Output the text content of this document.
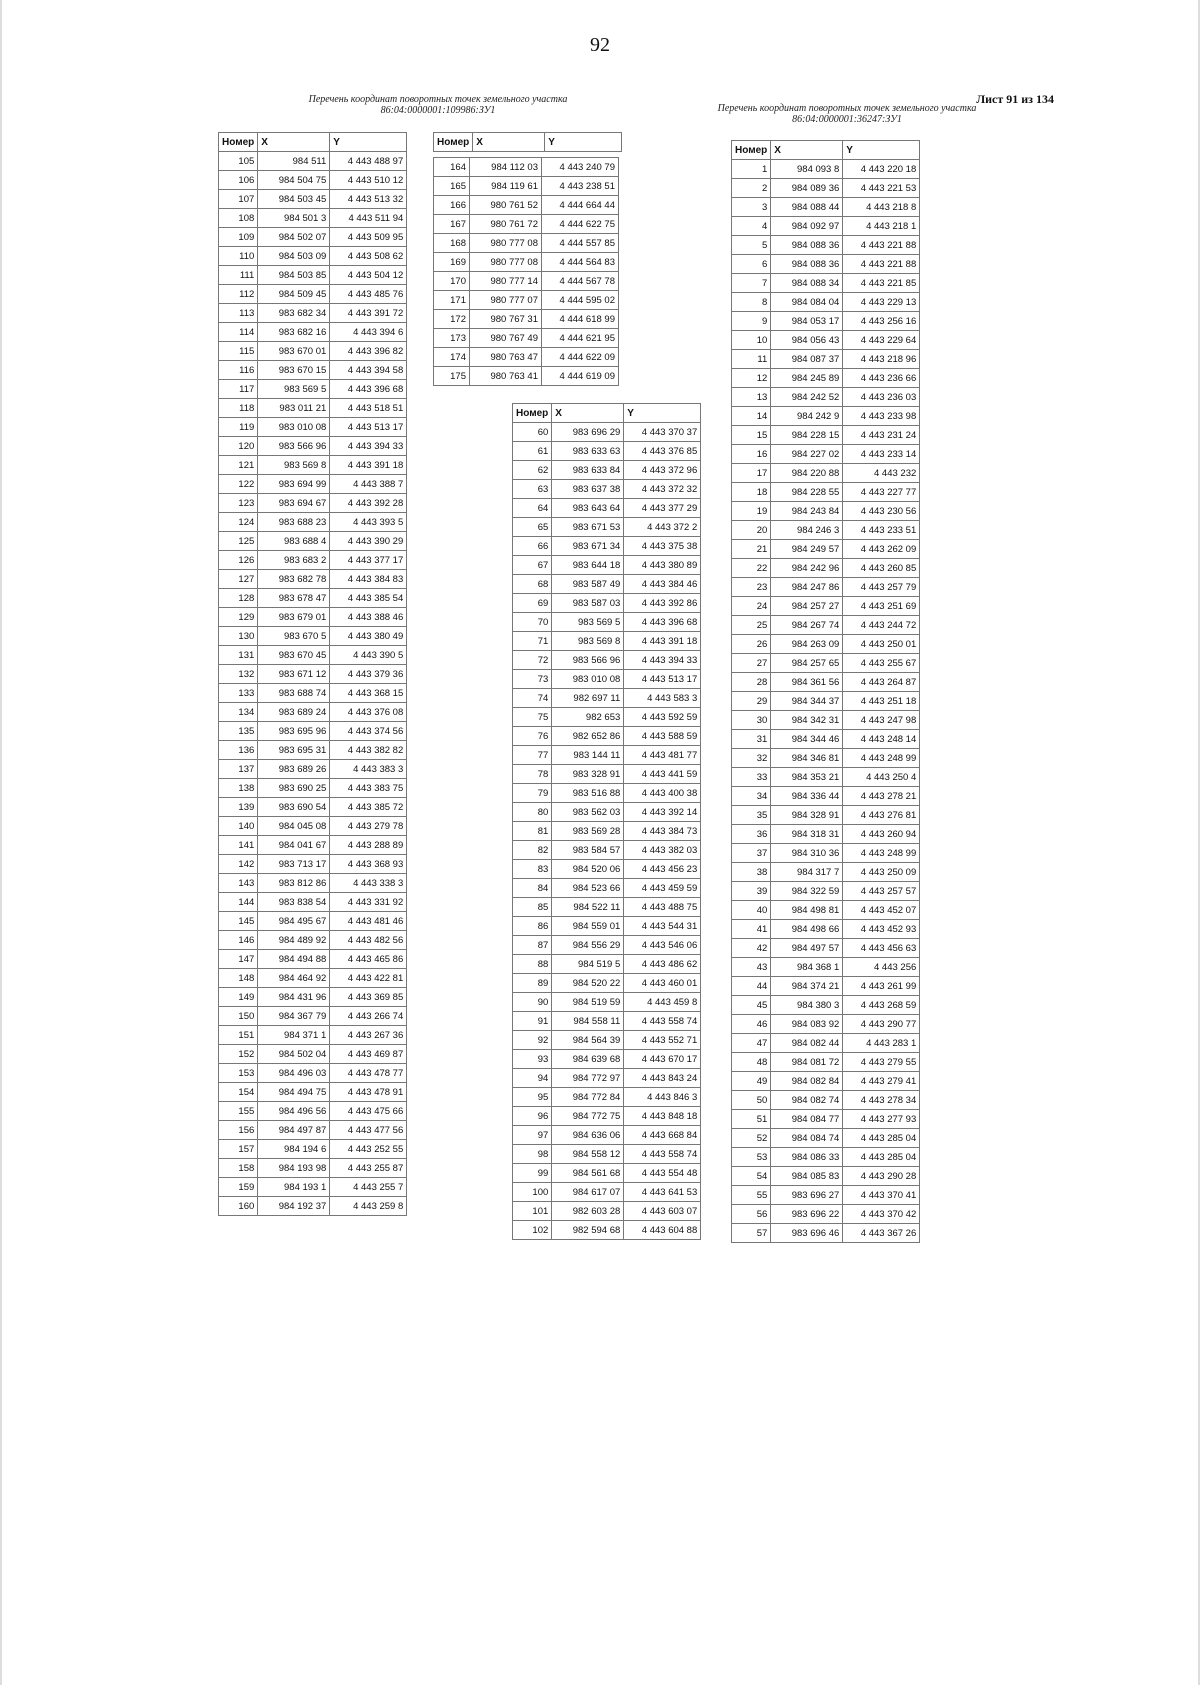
92
Лист 91 из 134
Перечень координат поворотных точек земельного участка 86:04:0000001:109986:ЗУ1	Перечень координат поворотных точек земельного участка 86:04:0000001:36247:ЗУ1
Номер	X	Y
105	984 511	4 443 488 97
106	984 504 75	4 443 510 12
107	984 503 45	4 443 513 32
108	984 501 3	4 443 511 94
109	984 502 07	4 443 509 95
110	984 503 09	4 443 508 62
111	984 503 85	4 443 504 12
112	984 509 45	4 443 485 76
113	983 682 34	4 443 391 72
114	983 682 16	4 443 394 6
115	983 670 01	4 443 396 82
116	983 670 15	4 443 394 58
117	983 569 5	4 443 396 68
118	983 011 21	4 443 518 51
119	983 010 08	4 443 513 17
120	983 566 96	4 443 394 33
121	983 569 8	4 443 391 18
122	983 694 99	4 443 388 7
123	983 694 67	4 443 392 28
124	983 688 23	4 443 393 5
125	983 688 4	4 443 390 29
126	983 683 2	4 443 377 17
127	983 682 78	4 443 384 83
128	983 678 47	4 443 385 54
129	983 679 01	4 443 388 46
130	983 670 5	4 443 380 49
131	983 670 45	4 443 390 5
132	983 671 12	4 443 379 36
133	983 688 74	4 443 368 15
134	983 689 24	4 443 376 08
135	983 695 96	4 443 374 56
136	983 695 31	4 443 382 82
137	983 689 26	4 443 383 3
138	983 690 25	4 443 383 75
139	983 690 54	4 443 385 72
140	984 045 08	4 443 279 78
141	984 041 67	4 443 288 89
142	983 713 17	4 443 368 93
143	983 812 86	4 443 338 3
144	983 838 54	4 443 331 92
145	984 495 67	4 443 481 46
146	984 489 92	4 443 482 56
147	984 494 88	4 443 465 86
148	984 464 92	4 443 422 81
149	984 431 96	4 443 369 85
150	984 367 79	4 443 266 74
151	984 371 1	4 443 267 36
152	984 502 04	4 443 469 87
153	984 496 03	4 443 478 77
154	984 494 75	4 443 478 91
155	984 496 56	4 443 475 66
156	984 497 87	4 443 477 56
157	984 194 6	4 443 252 55
158	984 193 98	4 443 255 87
159	984 193 1	4 443 255 7
160	984 192 37	4 443 259 8
164	984 112 03	4 443 240 79
165	984 119 61	4 443 238 51
166	980 761 52	4 444 664 44
167	980 761 72	4 444 622 75
168	980 777 08	4 444 557 85
169	980 777 08	4 444 564 83
170	980 777 14	4 444 567 78
171	980 777 07	4 444 595 02
172	980 767 31	4 444 618 99
173	980 767 49	4 444 621 95
174	980 763 47	4 444 622 09
175	980 763 41	4 444 619 09
Номер	X	Y
60	983 696 29	4 443 370 37
61	983 633 63	4 443 376 85
62	983 633 84	4 443 372 96
63	983 637 38	4 443 372 32
64	983 643 64	4 443 377 29
65	983 671 53	4 443 372 2
66	983 671 34	4 443 375 38
67	983 644 18	4 443 380 89
68	983 587 49	4 443 384 46
69	983 587 03	4 443 392 86
70	983 569 5	4 443 396 68
71	983 569 8	4 443 391 18
72	983 566 96	4 443 394 33
73	983 010 08	4 443 513 17
74	982 697 11	4 443 583 3
75	982 653	4 443 592 59
76	982 652 86	4 443 588 59
77	983 144 11	4 443 481 77
78	983 328 91	4 443 441 59
79	983 516 88	4 443 400 38
80	983 562 03	4 443 392 14
81	983 569 28	4 443 384 73
82	983 584 57	4 443 382 03
83	984 520 06	4 443 456 23
84	984 523 66	4 443 459 59
85	984 522 11	4 443 488 75
86	984 559 01	4 443 544 31
87	984 556 29	4 443 546 06
88	984 519 5	4 443 486 62
89	984 520 22	4 443 460 01
90	984 519 59	4 443 459 8
91	984 558 11	4 443 558 74
92	984 564 39	4 443 552 71
93	984 639 68	4 443 670 17
94	984 772 97	4 443 843 24
95	984 772 84	4 443 846 3
96	984 772 75	4 443 848 18
97	984 636 06	4 443 668 84
98	984 558 12	4 443 558 74
99	984 561 68	4 443 554 48
100	984 617 07	4 443 641 53
101	982 603 28	4 443 603 07
102	982 594 68	4 443 604 88
Номер	X	Y
1	984 093 8	4 443 220 18
2	984 089 36	4 443 221 53
3	984 088 44	4 443 218 8
4	984 092 97	4 443 218 1
5	984 088 36	4 443 221 88
6	984 088 36	4 443 221 88
7	984 088 34	4 443 221 85
8	984 084 04	4 443 229 13
9	984 053 17	4 443 256 16
10	984 056 43	4 443 229 64
11	984 087 37	4 443 218 96
12	984 245 89	4 443 236 66
13	984 242 52	4 443 236 03
14	984 242 9	4 443 233 98
15	984 228 15	4 443 231 24
16	984 227 02	4 443 233 14
17	984 220 88	4 443 232
18	984 228 55	4 443 227 77
19	984 243 84	4 443 230 56
20	984 246 3	4 443 233 51
21	984 249 57	4 443 262 09
22	984 242 96	4 443 260 85
23	984 247 86	4 443 257 79
24	984 257 27	4 443 251 69
25	984 267 74	4 443 244 72
26	984 263 09	4 443 250 01
27	984 257 65	4 443 255 67
28	984 361 56	4 443 264 87
29	984 344 37	4 443 251 18
30	984 342 31	4 443 247 98
31	984 344 46	4 443 248 14
32	984 346 81	4 443 248 99
33	984 353 21	4 443 250 4
34	984 336 44	4 443 278 21
35	984 328 91	4 443 276 81
36	984 318 31	4 443 260 94
37	984 310 36	4 443 248 99
38	984 317 7	4 443 250 09
39	984 322 59	4 443 257 57
40	984 498 81	4 443 452 07
41	984 498 66	4 443 452 93
42	984 497 57	4 443 456 63
43	984 368 1	4 443 256
44	984 374 21	4 443 261 99
45	984 380 3	4 443 268 59
46	984 083 92	4 443 290 77
47	984 082 44	4 443 283 1
48	984 081 72	4 443 279 55
49	984 082 84	4 443 279 41
50	984 082 74	4 443 278 34
51	984 084 77	4 443 277 93
52	984 084 74	4 443 285 04
53	984 086 33	4 443 285 04
54	984 085 83	4 443 290 28
55	983 696 27	4 443 370 41
56	983 696 22	4 443 370 42
57	983 696 46	4 443 367 26
Номер	X	Y
